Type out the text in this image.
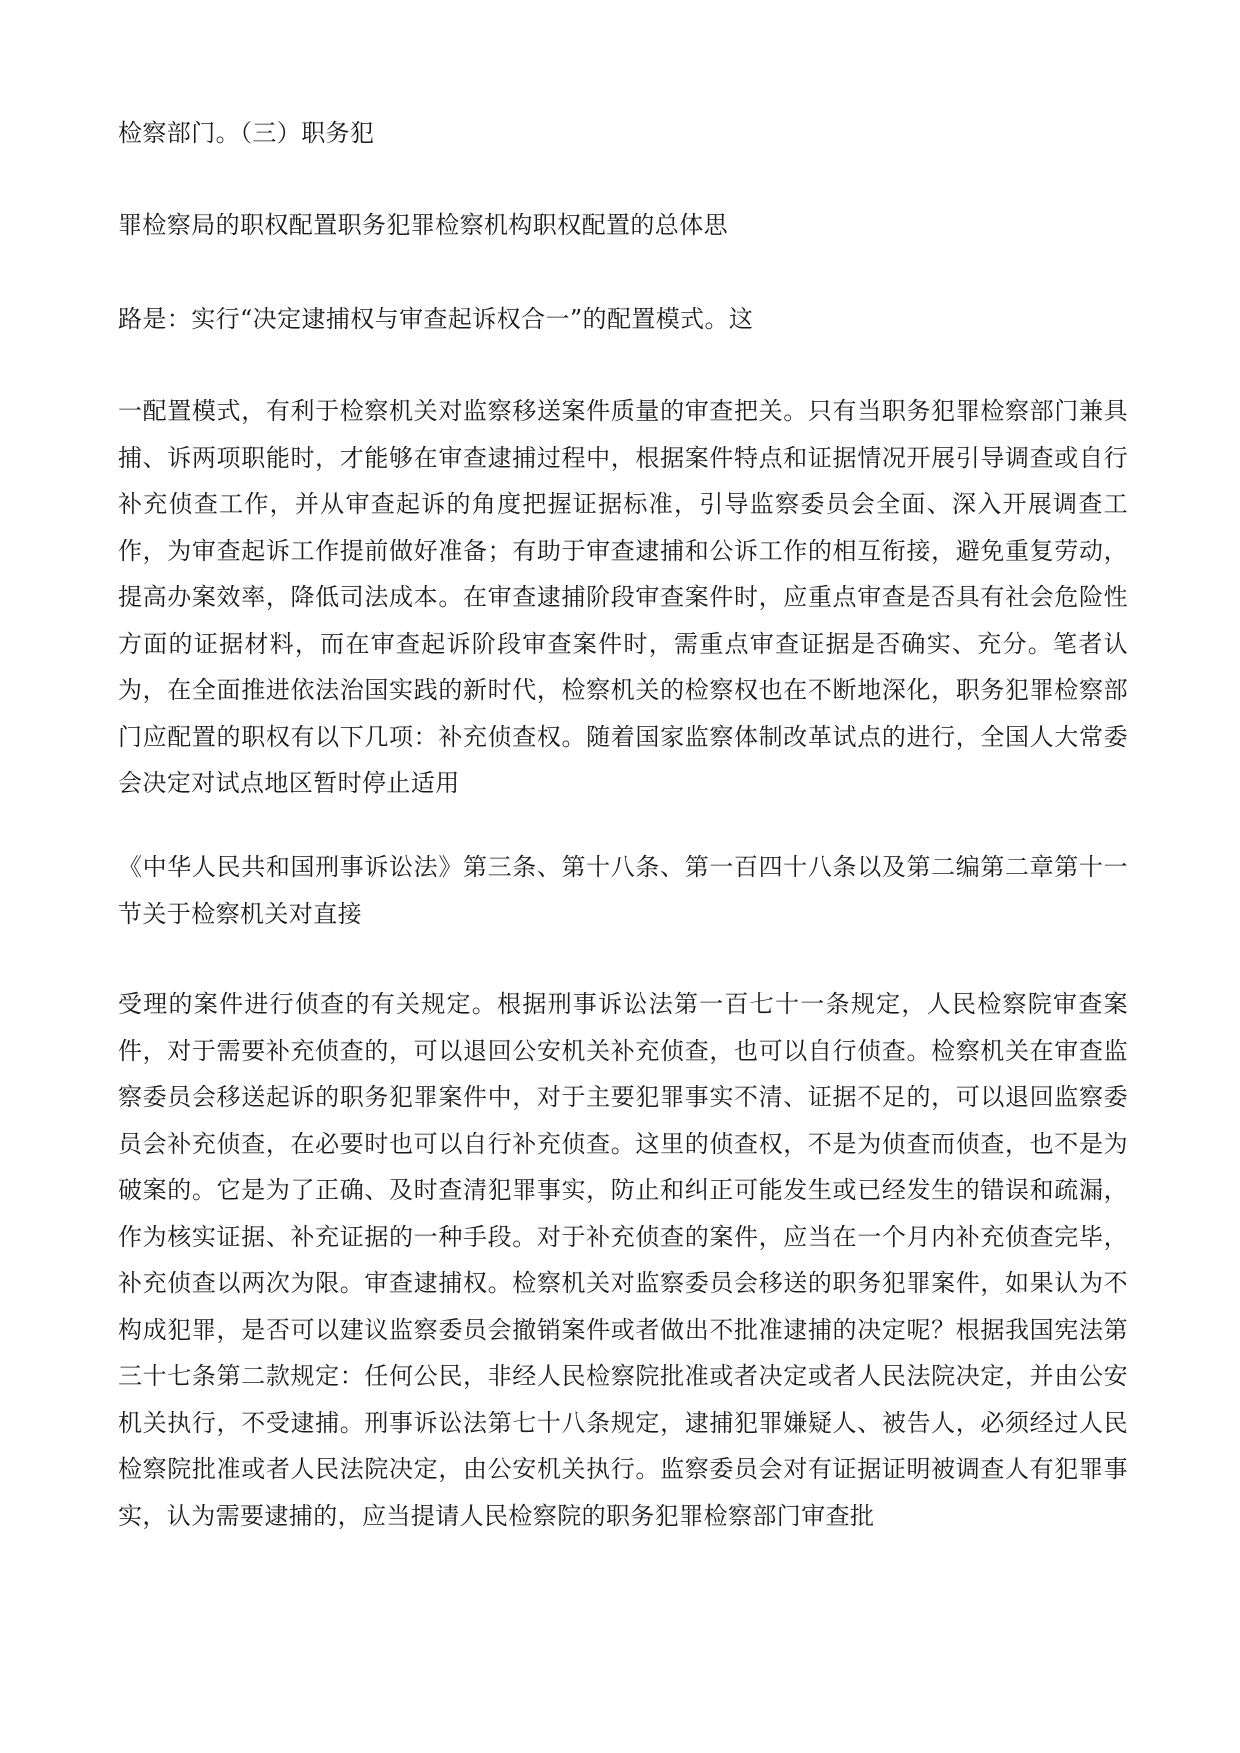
检察部门。（三）职务犯

罪检察局的职权配置职务犯罪检察机构职权配置的总体思

路是：实行“决定逮捕权与审查起诉权合一”的配置模式。这

一配置模式，有利于检察机关对监察移送案件质量的审查把关。只有当职务犯罪检察部门兼具捕、诉两项职能时，才能够在审查逮捕过程中，根据案件特点和证据情况开展引导调查或自行补充侦查工作，并从审查起诉的角度把握证据标准，引导监察委员会全面、深入开展调查工作，为审查起诉工作提前做好准备；有助于审查逮捕和公诉工作的相互衔接，避免重复劳动，提高办案效率，降低司法成本。在审查逮捕阶段审查案件时，应重点审查是否具有社会危险性方面的证据材料，而在审查起诉阶段审查案件时，需重点审查证据是否确实、充分。笔者认为，在全面推进依法治国实践的新时代，检察机关的检察权也在不断地深化，职务犯罪检察部门应配置的职权有以下几项：补充侦查权。随着国家监察体制改革试点的进行，全国人大常委会决定对试点地区暂时停止适用

《中华人民共和国刑事诉讼法》第三条、第十八条、第一百四十八条以及第二编第二章第十一节关于检察机关对直接

受理的案件进行侦查的有关规定。根据刑事诉讼法第一百七十一条规定，人民检察院审查案件，对于需要补充侦查的，可以退回公安机关补充侦查，也可以自行侦查。检察机关在审查监察委员会移送起诉的职务犯罪案件中，对于主要犯罪事实不清、证据不足的，可以退回监察委员会补充侦查，在必要时也可以自行补充侦查。这里的侦查权，不是为侦查而侦查，也不是为破案的。它是为了正确、及时查清犯罪事实，防止和纠正可能发生或已经发生的错误和疏漏，作为核实证据、补充证据的一种手段。对于补充侦查的案件，应当在一个月内补充侦查完毕，补充侦查以两次为限。审查逮捕权。检察机关对监察委员会移送的职务犯罪案件，如果认为不构成犯罪，是否可以建议监察委员会撤销案件或者做出不批准逮捕的决定呢？根据我国宪法第三十七条第二款规定：任何公民，非经人民检察院批准或者决定或者人民法院决定，并由公安机关执行，不受逮捕。刑事诉讼法第七十八条规定，逮捕犯罪嫌疑人、被告人，必须经过人民检察院批准或者人民法院决定，由公安机关执行。监察委员会对有证据证明被调查人有犯罪事实，认为需要逮捕的，应当提请人民检察院的职务犯罪检察部门审查批
